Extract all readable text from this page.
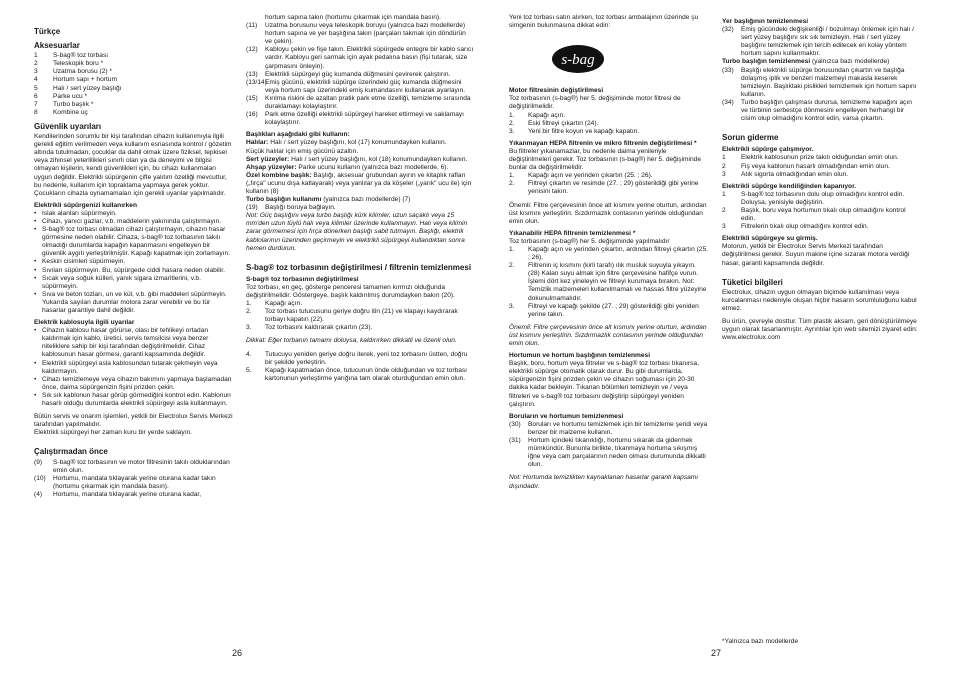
Türkçe
Aksesuarlar
1	S-bag® toz torbası
2	Teleskopik boru *
3	Uzatma borusu (2) *
4	Hortum sapı + hortum
5	Halı / sert yüzey başlığı
6	Parke ucu *
7	Turbo başlık *
8	Kombine uç
Güvenlik uyarıları

Kendilerinden sorumlu bir kişi tarafından cihazın kullanımıyla ilgili gerekli eğitim verilmeden veya kullanım esnasında kontrol / gözetim altında tutulmadan, çocuklar da dahil olmak üzere fiziksel, tepkisel veya zihinsel yeterlilikleri sınırlı olan ya da deneyimi ve bilgisi olmayan kişilerin, kendi güvenlikleri için, bu cihazı kullanmaları uygun değildir. Elektrikli süpürgenin çifte yalıtım özelliği mevcuttur, bu nedenle, kullanım için topraklama yapmaya gerek yoktur. Çocukların cihazla oynamamaları için gerekli uyarılar yapılmalıdır.

Elektrikli süpürgenizi kullanırken
• Islak alanları süpürmeyin.
• Cihazı, yanıcı gazlar, v.b. maddelerin yakınında çalıştırmayın.
• S-bag® toz torbası olmadan cihazı çalıştırmayın, cihazın hasar görmesine neden olabilir. Cihaza, s-bag® toz torbasının takılı olmadığı durumlarda kapağın kapanmasını engelleyen bir güvenlik aygıtı yerleştirilmiştir. Kapağı kapatmak için zorlamayın.
• Keskin cisimleri süpürmeyin.
• Sıvıları süpürmeyin. Bu, süpürgede ciddi hasara neden olabilir.
• Sıcak veya soğuk külleri, yanık sigara izmaritlerini, v.b. süpürmeyin.
• Sıva ve beton tozları, un ve kül, v.b. gibi maddeleri süpürmeyin. Yukarıda sayılan durumlar motora zarar verebilir ve bu tür hasarlar garantiye dahil değildir.
Elektrik kablosuyla ilgili uyarılar
• Cihazın kablosu hasar görürse, olası bir tehlikeyi ortadan kaldırmak için kablo, üretici, servis temsilcisi veya benzer niteliklere sahip bir kişi tarafından değiştirilmelidir. Cihaz kablosunun hasar görmesi, garanti kapsamında değildir.
• Elektrikli süpürgeyi asla kablosundan tutarak çekmeyin veya kaldırmayın.
• Cihazı temizlemeye veya cihazın bakımını yapmaya başlamadan önce, daima süpürgenizin fişini prizden çekin.
• Sık sık kablonun hasar görüp görmediğini kontrol edin. Kablonun hasarlı olduğu durumlarda elektrikli süpürgeyi asla kullanmayın.

Bütün servis ve onarım işlemleri, yetkili bir Electrolux Servis Merkezi tarafından yapılmalıdır.

Elektrikli süpürgeyi her zaman kuru bir yerde saklayın.

Çalıştırmadan önce
(9)	S-bag® toz torbasının ve motor filtresinin takılı olduklarından emin olun.
(10)	Hortumu, mandala tıklayarak yerine oturana kadar takın (hortumu çıkarmak için mandala basın).
(4)	Hortumu, mandala tıklayarak yerine oturana kadar,
hortum sapına takın (hortumu çıkarmak için mandala basın).
(11)	Uzatma borusunu veya teleskopik boruyu (yalnızca bazı modellerde) hortum sapına ve yer başlığına takın (parçaları takmak için döndürün ve çekin).
(12)	Kabloyu çekin ve fişe takın. Elektrikli süpürgede entegre bir kablo sarıcı vardır. Kabloyu geri sarmak için ayak pedalına basın (fişi tutarak, size çarpmasını önleyin).
(13)	Elektrikli süpürgeyi güç kumanda düğmesini çevirerek çalıştırın.
(13/14)
Emiş gücünü, elektrikli süpürge üzerindeki güç kumanda düğmesini veya hortum sapı üzerindeki emiş kumandasını kullanarak ayarlayın.
(15)	Kırılma riskini de azaltan pratik park etme özelliği, temizleme sırasında duraklamayı kolaylaştırır.
(16)	Park etme özelliği elektrikli süpürgeyi hareket ettirmeyi ve saklamayı kolaylaştırır.
Başlıkları aşağıdaki gibi kullanın:

Halılar: Halı / sert yüzey başlığını, kol (17) konumundayken kullanın.

Küçük halılar için emiş gücünü azaltın.

Sert yüzeyler: Halı / sert yüzey başlığını, kol (18) konumundayken kullanın.

Ahşap yüzeyler: Parke ucunu kullanın (yalnızca bazı modellerde, 6).

Özel kombine başlık: Başlığı, aksesuar grubundan ayırın ve kitaplık rafları („fırça" ucunu dışa katlayarak) veya yanlılar ya da köşeler („yarık" ucu ile) için kullanın (8)

Turbo başlığın kullanımı (yalnızca bazı modellerde) (7)

(19)	Başlığı boruya bağlayın.

Not: Güç başlığını veya turbo başlığı kürk kilimler, uzun saçaklı veya 15 mm'den uzun tüylü halı veya kilimler üzerinde kullanmayın. Halı veya kilimin zarar görmemesi için fırça dönerken başlığı sabit tutmayın. Başlığı, elektrik kablolarının üzerinden geçirmeyin ve elektrikli süpürgeyi kullandıktan sonra hemen durdurun.

S-bag® toz torbasının değiştirilmesi / filtrenin temizlenmesi
S-bag® toz torbasının değiştirilmesi

Toz torbası, en geç, gösterge penceresi tamamen kırmızı olduğunda değiştirilmelidir. Göstergeye, başlık kaldırılmış durumdayken bakın (20).

1.	Kapağı açın.
2.	Toz torbası tutucusunu geriye doğru itin (21) ve klapayı kaydırarak torbayı kapatın (22).
3.	Toz torbasını kaldırarak çıkartın (23).

Dikkat: Eğer torbanın tamamı doluysa, kaldırırken dikkatli ve özenli olun.

4.	Tutucuyu yeniden geriye doğru iterek, yeni toz torbasını üstten, doğru bir şekilde yerleştirin.
5.	Kapağı kapatmadan önce, tutucunun önde olduğundan ve toz torbası kartonunun yerleştirme yarığına tam olarak oturduğundan emin olun.

Yeni toz torbası satın alırken, toz torbası ambalajının üzerinde şu simgenin bulunmasına dikkat edin:

s-bag
Motor filtresinin değiştirilmesi

Toz torbasının (s-bag®) her 5. değişiminde motor filtresi de değiştirilmelidir.

1.	Kapağı açın.
2.	Eski filtreyi çıkartın (24).
3.	Yeni bir filtre koyun ve kapağı kapatın.
Yıkanmayan HEPA filtrenin ve mikro filtrenin değiştirilmesi *

Bu filtreler yıkanamazlar, bu nedenle daima yenileriyle değiştirilmeleri gerekir. Toz torbasının (s-bag®) her 5. değişiminde bunlar da değiştirilmelidir.

1.	Kapağı açın ve yerinden çıkartın (25. ; 26).
2.	Filtreyi çıkartın ve resimde (27. ; 29) gösterildiği gibi yerine yenisini takın.

Önemli: Filtre çerçevesinin önce alt kısmını yerine oturtun, ardından üst kısmını yerleştirin. Sızdırmazlık contasının yerinde olduğundan emin olun.

Yıkanabilir HEPA filtrenin temizlenmesi *

Toz torbasının (s-bag®) her 5. değişiminde yapılmalıdır

1.	Kapağı açın ve yerinden çıkartın, ardından filtreyi çıkartın (25. ; 26).
2.	Filtrenin iç kısmını (kirli tarafı) ılık musluk suyuyla yıkayın. (28) Kalan suyu almak için filtre çerçevesine hafifçe vurun. İşlemi dört kez yineleyin ve filtreyi kurumaya bırakın. Not: Temizlik malzemeleri kullanılmamalı ve hassas filtre yüzeyine dokunulmamalıdır.
3.	Filtreyi ve kapağı şekilde (27. ; 29) gösterildiği gibi yeniden yerine takın.

Önemli: Filtre çerçevesinin önce alt kısmını yerine oturtun, ardından üst kısmını yerleştirin. Sızdırmazlık contasının yerinde olduğundan emin olun.

Hortumun ve hortum başlığının temizlenmesi

Başlık, boru, hortum veya filtreler ve s-bag® toz torbası tıkanırsa, elektrikli süpürge otomatik olarak durur. Bu gibi durumlarda, süpürgenizin fişini prizden çekin ve cihazın soğuması için 20-30 dakika kadar bekleyin. Tıkanan bölümleri temizleyin ve / veya filtreleri ve s-bag® toz torbasını değiştirip süpürgeyi yeniden çalıştırın.

Boruların ve hortumun temizlenmesi
(30)	Boruları ve hortumu temizlemek için bir temizleme şeridi veya benzer bir malzeme kullanın.
(31)	Hortum içindeki tıkanıklığı, hortumu sıkarak da gidermek mümkündür. Bununla birlikte, tıkanmaya hortuma sıkışmış iğne veya cam parçalarının neden olması durumunda dikkatli olun.

Not: Hortumda temizlikten kaynaklanan hasarlar garanti kapsamı dışındadır.

Yer başlığının temizlenmesi
(32)	Emiş gücündeki değişkenliği / bozulmayı önlemek için halı / sert yüzey başlığını sık sık temizleyin. Halı / sert yüzey başlığını temizlemek için tercih edilecek en kolay yöntem hortum sapını kullanmaktır.

Turbo başlığın temizlenmesi (yalnızca bazı modellerde)

(33)	Başlığı elektrikli süpürge borusundan çıkartın ve başlığa dolaşmış iplik ve benzeri malzemeyi makasla keserek temizleyin. Başlıktaki pislikleri temizlemek için hortum sapını kullanın.
(34)	Turbo başlığın çalışması durursa, temizleme kapağını açın ve türbinin serbestçe dönmesini engelleyen herhangi bir cisim olup olmadığını kontrol edin, varsa çıkartın.
Sorun giderme
Elektrikli süpürge çalışmıyor.
1	Elektrik kablosunun prize takılı olduğundan emin olun.
2	Fiş veya kablonun hasarlı olmadığından emin olun.
3	Atık sigorta olmadığından emin olun.
Elektrikli süpürge kendiliğinden kapanıyor.
1	S-bag® toz torbasının dolu olup olmadığını kontrol edin. Doluysa, yenisiyle değiştirin.
2	Başlık, boru veya hortumun tıkalı olup olmadığını kontrol edin.
3	Filtrelerin tıkalı olup olmadığını kontrol edin.
Elektrikli süpürgeye su girmiş.

Motorun, yetkili bir Electrolux Servis Merkezi tarafından değiştirilmesi gerekir. Suyun makine içine sızarak motora verdiği hasar, garanti kapsamında değildir.

Tüketici bilgileri

Electrolux, cihazın uygun olmayan biçimde kullanılması veya kurcalanması nedeniyle oluşan hiçbir hasarın sorumluluğunu kabul etmez.

Bu ürün, çevreyle dosttur. Tüm plastik aksam, geri dönüştürülmeye uygun olarak tasarlanmıştır. Ayrıntılar için web sitemizi ziyaret edin: www.electrolux.com

*Yalnızca bazı modellerde
26	27
